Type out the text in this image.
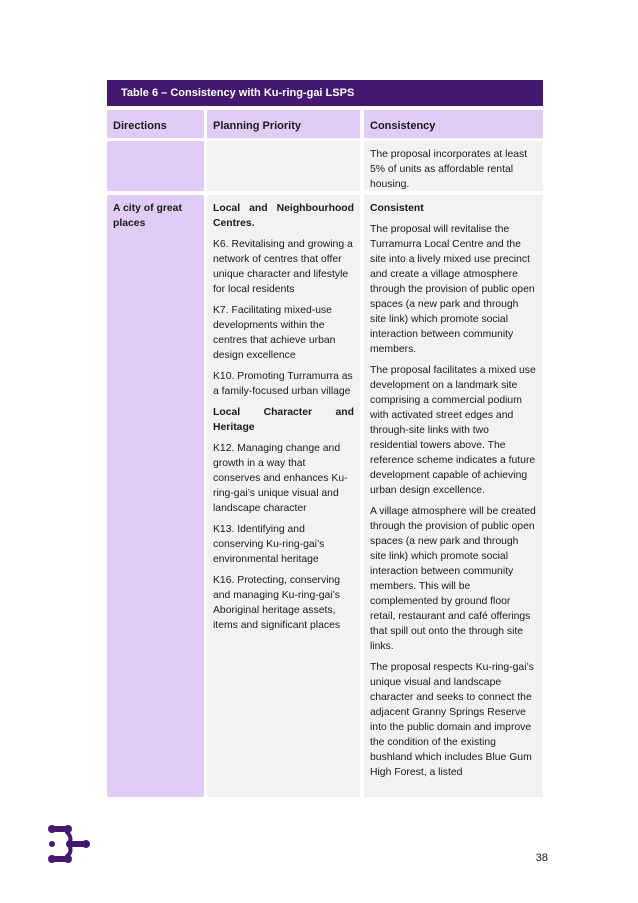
Table 6 – Consistency with Ku-ring-gai LSPS
Directions	Planning Priority	Consistency

The proposal incorporates at least 5% of units as affordable rental housing.

A city of great places
Local and Neighbourhood

Centres.

K6. Revitalising and growing a network of centres that offer unique character and lifestyle for local residents

K7. Facilitating mixed-use developments within the centres that achieve urban design excellence

K10. Promoting Turramurra as a family-focused urban village

Local Character and

Heritage

K12. Managing change and growth in a way that conserves and enhances Ku-ring-gai’s unique visual and landscape character

K13. Identifying and conserving Ku-ring-gai’s environmental heritage

K16. Protecting, conserving and managing Ku-ring-gai’s Aboriginal heritage assets, items and significant places

Consistent

The proposal will revitalise the Turramurra Local Centre and the site into a lively mixed use precinct and create a village atmosphere through the provision of public open spaces (a new park and through site link) which promote social interaction between community members.

The proposal facilitates a mixed use development on a landmark site comprising a commercial podium with activated street edges and through-site links with two residential towers above. The reference scheme indicates a future development capable of achieving urban design excellence.

A village atmosphere will be created through the provision of public open spaces (a new park and through site link) which promote social interaction between community members. This will be complemented by ground floor retail, restaurant and café offerings that spill out onto the through site links.

The proposal respects Ku-ring-gai’s unique visual and landscape character and seeks to connect the adjacent Granny Springs Reserve into the public domain and improve the condition of the existing bushland which includes Blue Gum High Forest, a listed

38
